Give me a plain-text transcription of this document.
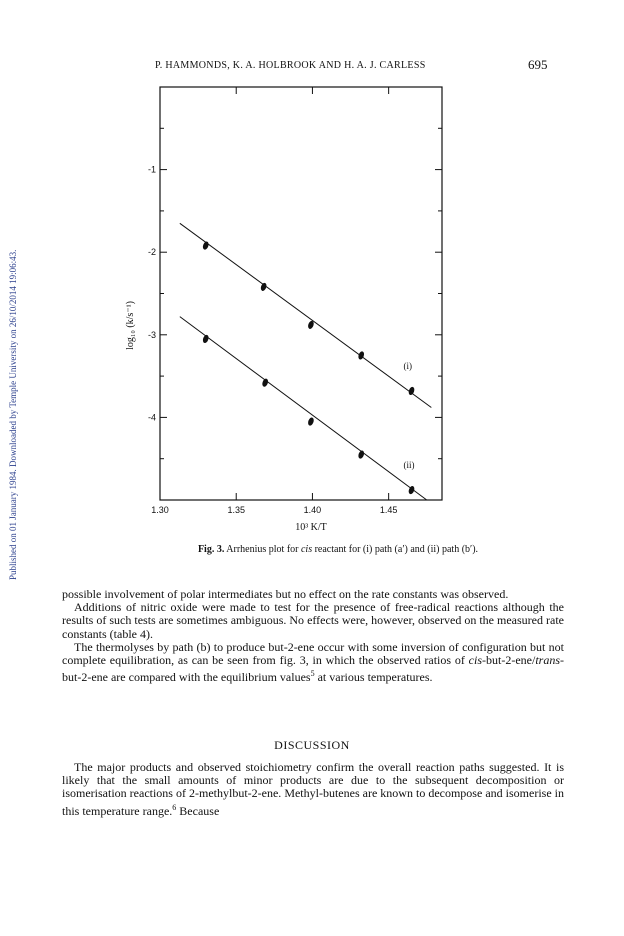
Published on 01 January 1984. Downloaded by Temple University on 26/10/2014 19:06:43.
P. HAMMONDS, K. A. HOLBROOK AND H. A. J. CARLESS	695
1.30	1.35	1.40	1.45
-1
-2
-3
-4
(i)
(ii)
10³ K/T
log₁₀ (k/s⁻¹)
Fig. 3. Arrhenius plot for cis reactant for (i) path (a′) and (ii) path (b′).

possible involvement of polar intermediates but no effect on the rate constants was observed.

Additions of nitric oxide were made to test for the presence of free-radical reactions although the results of such tests are sometimes ambiguous. No effects were, however, observed on the measured rate constants (table 4).

The thermolyses by path (b) to produce but-2-ene occur with some inversion of configuration but not complete equilibration, as can be seen from fig. 3, in which the observed ratios of cis-but-2-ene/trans-but-2-ene are compared with the equilibrium values$^5$ at various temperatures.

DISCUSSION

The major products and observed stoichiometry confirm the overall reaction paths suggested. It is likely that the small amounts of minor products are due to the subsequent decomposition or isomerisation reactions of 2-methylbut-2-ene. Methyl-butenes are known to decompose and isomerise in this temperature range.$^6$ Because
